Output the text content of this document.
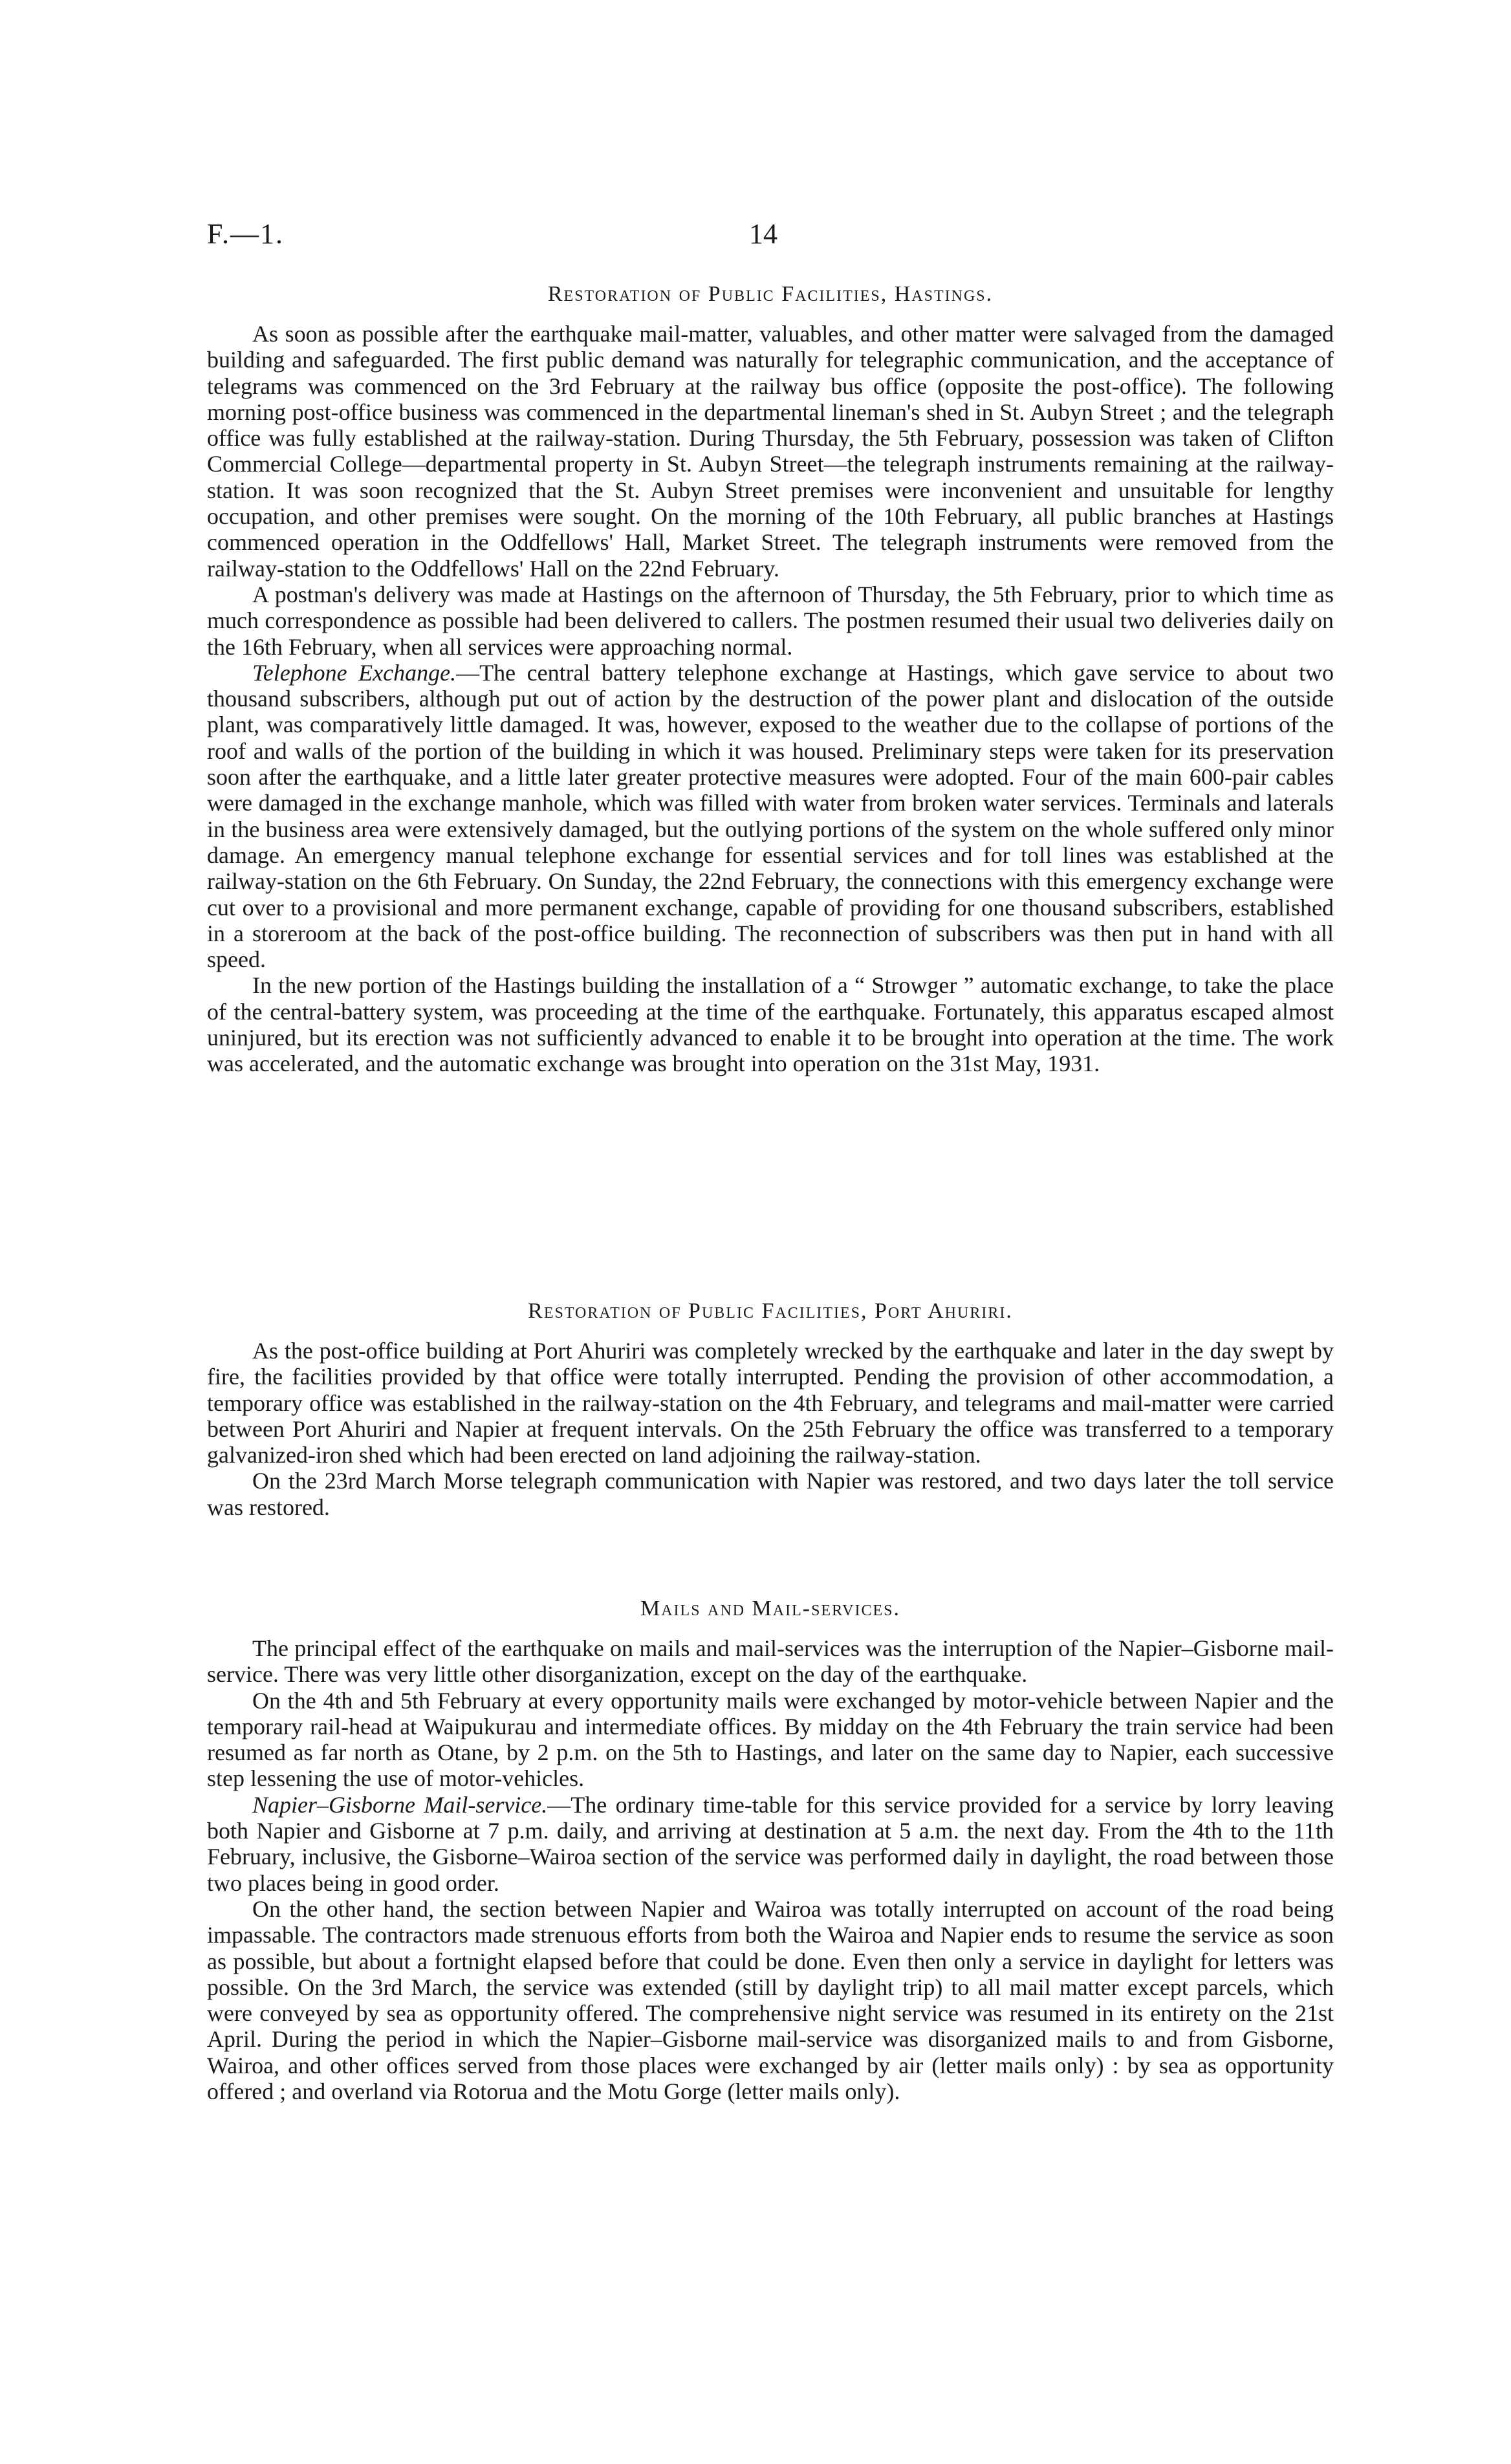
F.—1.	14
Restoration of Public Facilities, Hastings.

As soon as possible after the earthquake mail-matter, valuables, and other matter were salvaged from the damaged building and safeguarded. The first public demand was naturally for telegraphic communication, and the acceptance of telegrams was commenced on the 3rd February at the railway bus office (opposite the post-office). The following morning post-office business was commenced in the departmental lineman's shed in St. Aubyn Street ; and the telegraph office was fully established at the railway-station. During Thursday, the 5th February, possession was taken of Clifton Commercial College—departmental property in St. Aubyn Street—the telegraph instruments remaining at the railway-station. It was soon recognized that the St. Aubyn Street premises were inconvenient and unsuitable for lengthy occupation, and other premises were sought. On the morning of the 10th February, all public branches at Hastings commenced operation in the Oddfellows' Hall, Market Street. The telegraph instruments were removed from the railway-station to the Oddfellows' Hall on the 22nd February.

A postman's delivery was made at Hastings on the afternoon of Thursday, the 5th February, prior to which time as much correspondence as possible had been delivered to callers. The postmen resumed their usual two deliveries daily on the 16th February, when all services were approaching normal.

Telephone Exchange.—The central battery telephone exchange at Hastings, which gave service to about two thousand subscribers, although put out of action by the destruction of the power plant and dislocation of the outside plant, was comparatively little damaged. It was, however, exposed to the weather due to the collapse of portions of the roof and walls of the portion of the building in which it was housed. Preliminary steps were taken for its preservation soon after the earthquake, and a little later greater protective measures were adopted. Four of the main 600-pair cables were damaged in the exchange manhole, which was filled with water from broken water services. Terminals and laterals in the business area were extensively damaged, but the outlying portions of the system on the whole suffered only minor damage. An emergency manual telephone exchange for essential services and for toll lines was established at the railway-station on the 6th February. On Sunday, the 22nd February, the connections with this emergency exchange were cut over to a provisional and more permanent exchange, capable of providing for one thousand subscribers, established in a storeroom at the back of the post-office building. The reconnection of subscribers was then put in hand with all speed.

In the new portion of the Hastings building the installation of a “ Strowger ” automatic exchange, to take the place of the central-battery system, was proceeding at the time of the earthquake. Fortunately, this apparatus escaped almost uninjured, but its erection was not sufficiently advanced to enable it to be brought into operation at the time. The work was accelerated, and the automatic exchange was brought into operation on the 31st May, 1931.

Restoration of Public Facilities, Port Ahuriri.

As the post-office building at Port Ahuriri was completely wrecked by the earthquake and later in the day swept by fire, the facilities provided by that office were totally interrupted. Pending the provision of other accommodation, a temporary office was established in the railway-station on the 4th February, and telegrams and mail-matter were carried between Port Ahuriri and Napier at frequent intervals. On the 25th February the office was transferred to a temporary galvanized-iron shed which had been erected on land adjoining the railway-station.

On the 23rd March Morse telegraph communication with Napier was restored, and two days later the toll service was restored.

Mails and Mail-services.

The principal effect of the earthquake on mails and mail-services was the interruption of the Napier–Gisborne mail-service. There was very little other disorganization, except on the day of the earthquake.

On the 4th and 5th February at every opportunity mails were exchanged by motor-vehicle between Napier and the temporary rail-head at Waipukurau and intermediate offices. By midday on the 4th February the train service had been resumed as far north as Otane, by 2 p.m. on the 5th to Hastings, and later on the same day to Napier, each successive step lessening the use of motor-vehicles.

Napier–Gisborne Mail-service.—The ordinary time-table for this service provided for a service by lorry leaving both Napier and Gisborne at 7 p.m. daily, and arriving at destination at 5 a.m. the next day. From the 4th to the 11th February, inclusive, the Gisborne–Wairoa section of the service was performed daily in daylight, the road between those two places being in good order.

On the other hand, the section between Napier and Wairoa was totally interrupted on account of the road being impassable. The contractors made strenuous efforts from both the Wairoa and Napier ends to resume the service as soon as possible, but about a fortnight elapsed before that could be done. Even then only a service in daylight for letters was possible. On the 3rd March, the service was extended (still by daylight trip) to all mail matter except parcels, which were conveyed by sea as opportunity offered. The comprehensive night service was resumed in its entirety on the 21st April. During the period in which the Napier–Gisborne mail-service was disorganized mails to and from Gisborne, Wairoa, and other offices served from those places were exchanged by air (letter mails only) : by sea as opportunity offered ; and overland via Rotorua and the Motu Gorge (letter mails only).
